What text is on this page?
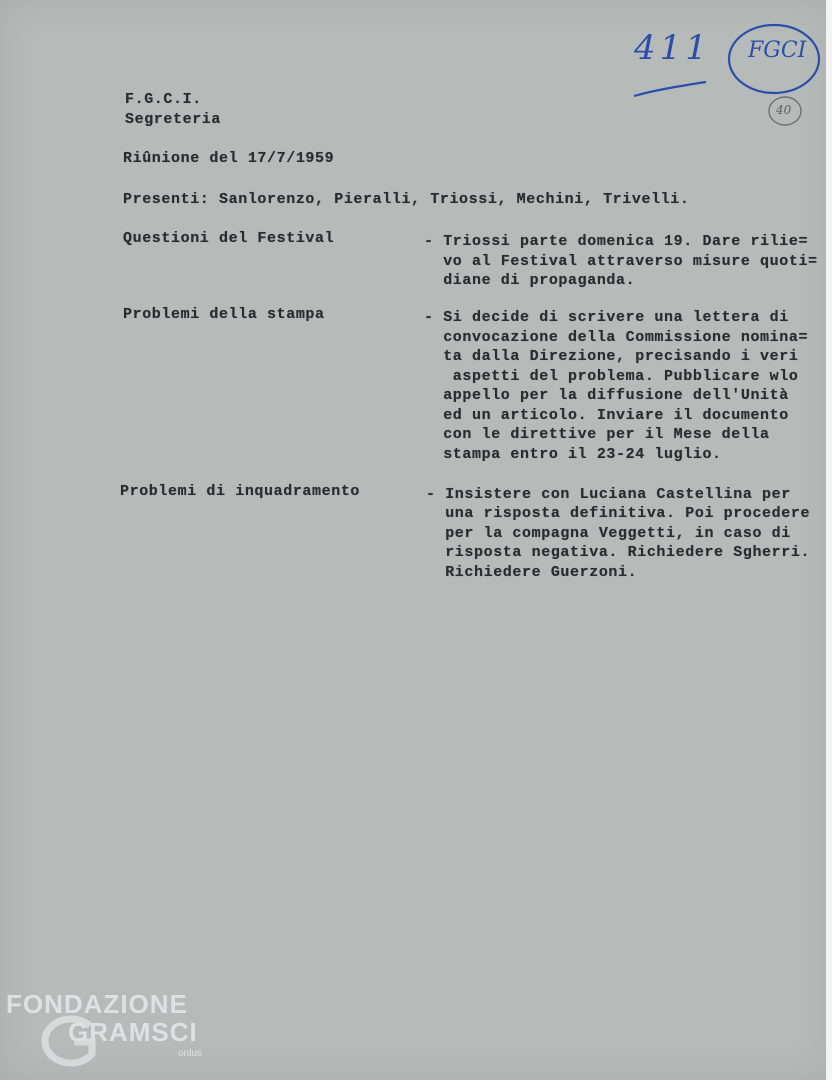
411 FGCI
40
F.G.C.I.
Segreteria
Riûnione del 17/7/1959
Presenti: Sanlorenzo, Pieralli, Triossi, Mechini, Trivelli.
Questioni del Festival	- Triossi parte domenica 19. Dare rilie=
vo al Festival attraverso misure quoti=
diane di propaganda.
Problemi della stampa	- Si decide di scrivere una lettera di
convocazione della Commissione nomina=
ta dalla Direzione, precisando i veri
aspetti del problema. Pubblicare wlo
appello per la diffusione dell'Unità
ed un articolo. Inviare il documento
con le direttive per il Mese della
stampa entro il 23-24 luglio.
Problemi di inquadramento	- Insistere con Luciana Castellina per
una risposta definitiva. Poi procedere
per la compagna Veggetti, in caso di
risposta negativa. Richiedere Sgherri.
Richiedere Guerzoni.
FONDAZIONE
GRAMSCI
onlus
